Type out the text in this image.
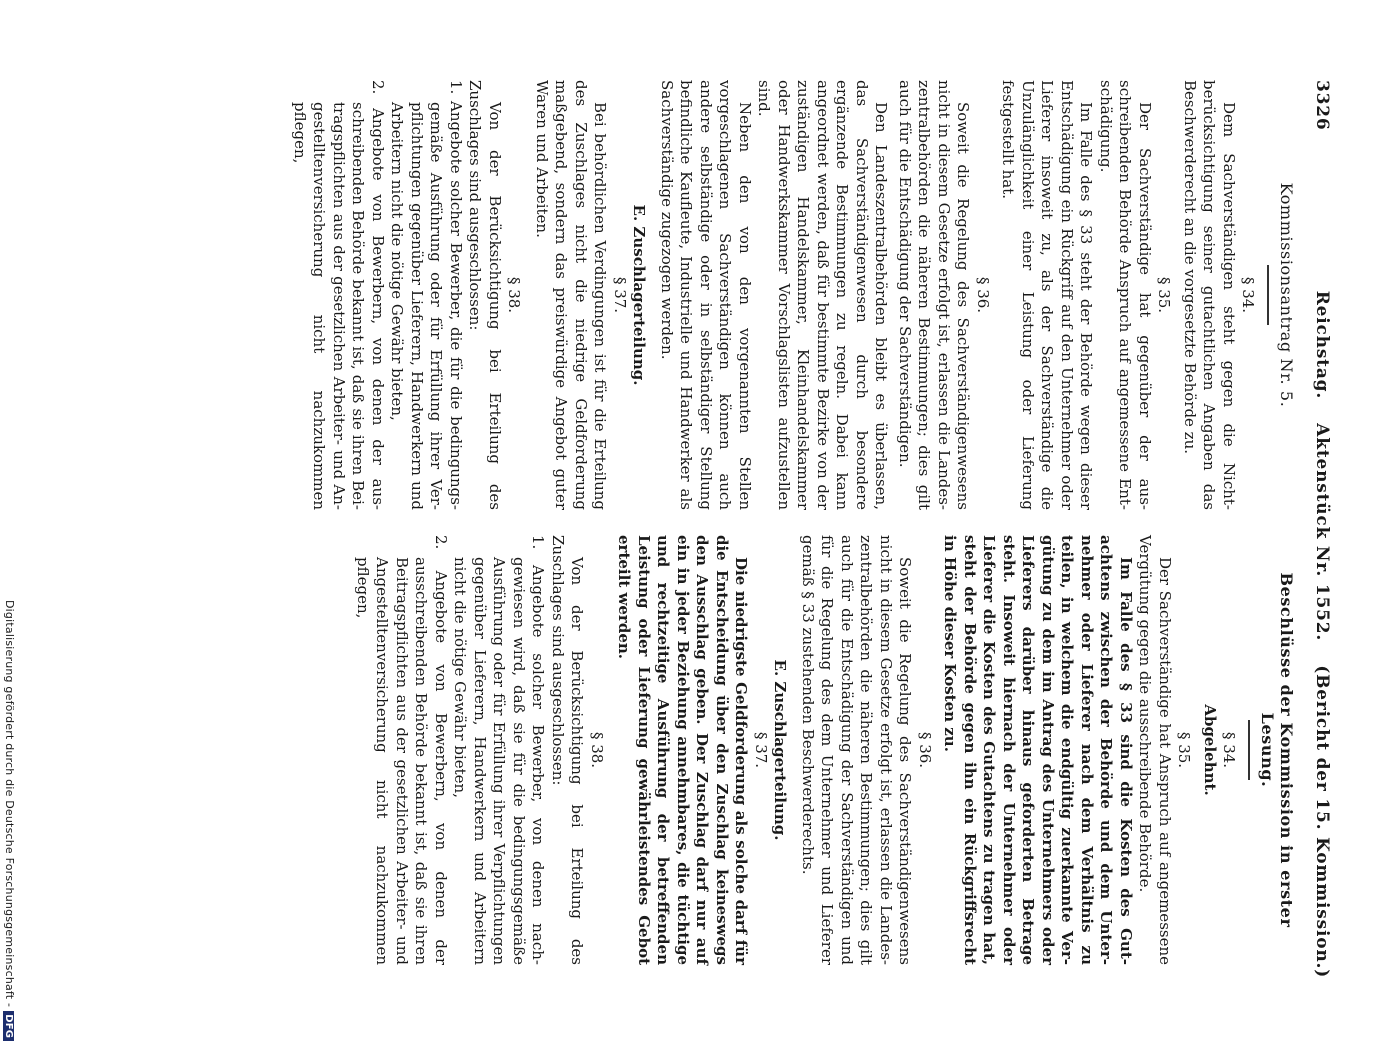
3326  Reichstag.  Aktenstück Nr. 1552.  (Bericht der 15. Kommission.)
Kommissionsantrag Nr. 5.
§ 34.
Dem Sachverständigen steht gegen die Nichtberücksichtigung seiner gutachtlichen Angaben das Beschwerderecht an die vorgesetzte Behörde zu.
§ 35.
Der Sachverständige hat gegenüber der ausschreibenden Behörde Anspruch auf angemessene Entschädigung.
Im Falle des § 33 steht der Behörde wegen dieser Entschädigung ein Rückgriff auf den Unternehmer oder Lieferer insoweit zu, als der Sachverständige die Unzulänglichkeit einer Leistung oder Lieferung festgestellt hat.
§ 36.
Soweit die Regelung des Sachverständigenwesens nicht in diesem Gesetze erfolgt ist, erlassen die Landeszentralbehörden die näheren Bestimmungen; dies gilt auch für die Entschädigung der Sachverständigen.
Den Landeszentralbehörden bleibt es überlassen, das Sachverständigenwesen durch besondere ergänzende Bestimmungen zu regeln. Dabei kann angeordnet werden, daß für bestimmte Bezirke von der zuständigen Handelskammer, Kleinhandelskammer oder Handwerkskammer Vorschlagslisten aufzustellen sind.
Neben den von den vorgenannten Stellen vorgeschlagenen Sachverständigen können auch andere selbständige oder in selbständiger Stellung befindliche Kaufleute, Industrielle und Handwerker als Sachverständige zugezogen werden.
E. Zuschlagerteilung.
§ 37.
Bei behördlichen Verdingungen ist für die Erteilung des Zuschlages nicht die niedrige Geldforderung maßgebend, sondern das preiswürdige Angebot guter Waren und Arbeiten.
§ 38.
Von der Berücksichtigung bei Erteilung des Zuschlages sind ausgeschlossen:
1. Angebote solcher Bewerber, die für die bedingungsgemäße Ausführung oder für Erfüllung ihrer Verpflichtungen gegenüber Lieferern, Handwerkern und Arbeitern nicht die nötige Gewähr bieten,
2. Angebote von Bewerbern, von denen der ausschreibenden Behörde bekannt ist, daß sie ihren Beitragspflichten aus der gesetzlichen Arbeiter- und Angestelltenversicherung nicht nachzukommen pflegen,
Beschlüsse der Kommission in erster Lesung.
§ 34.
Abgelehnt.
§ 35.
Der Sachverständige hat Anspruch auf angemessene Vergütung gegen die ausschreibende Behörde.
Im Falle des § 33 sind die Kosten des Gutachtens zwischen der Behörde und dem Unternehmer oder Lieferer nach dem Verhältnis zu teilen, in welchem die endgültig zuerkannte Vergütung zu dem im Antrag des Unternehmers oder Lieferers darüber hinaus geforderten Betrage steht. Insoweit hiernach der Unternehmer oder Lieferer die Kosten des Gutachtens zu tragen hat, steht der Behörde gegen ihn ein Rückgriffsrecht in Höhe dieser Kosten zu.
§ 36.
Soweit die Regelung des Sachverständigenwesens nicht in diesem Gesetze erfolgt ist, erlassen die Landeszentralbehörden die näheren Bestimmungen; dies gilt auch für die Entschädigung der Sachverständigen und für die Regelung des dem Unternehmer und Lieferer gemäß § 33 zustehenden Beschwerderechts.
E. Zuschlagerteilung.
§ 37.
Die niedrigste Geldforderung als solche darf für die Entscheidung über den Zuschlag keineswegs den Ausschlag geben. Der Zuschlag darf nur auf ein in jeder Beziehung annehmbares, die tüchtige und rechtzeitige Ausführung der betreffenden Leistung oder Lieferung gewährleistendes Gebot erteilt werden.
§ 38.
Von der Berücksichtigung bei Erteilung des Zuschlages sind ausgeschlossen:
1. Angebote solcher Bewerber, von denen nachgewiesen wird, daß sie für die bedingungsgemäße Ausführung oder für Erfüllung ihrer Verpflichtungen gegenüber Lieferern, Handwerkern und Arbeitern nicht die nötige Gewähr bieten,
2. Angebote von Bewerbern, von denen der ausschreibenden Behörde bekannt ist, daß sie ihren Beitragspflichten aus der gesetzlichen Arbeiter- und Angestelltenversicherung nicht nachzukommen pflegen,
Digitalisierung gefördert durch die Deutsche Forschungsgemeinschaft -DFG
